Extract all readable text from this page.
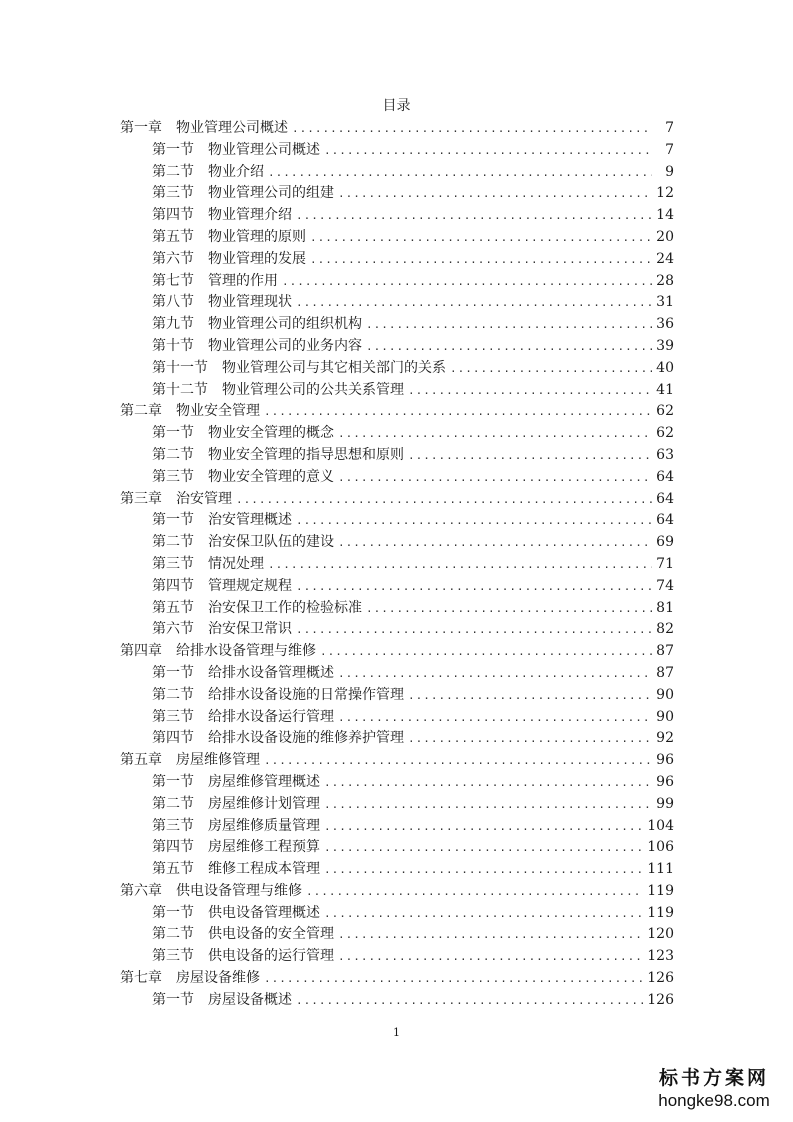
目录
第一章 物业管理公司概述 .....	7
第一节 物业管理公司概述 .....	7
第二节 物业介绍 .....	9
第三节 物业管理公司的组建 .....	12
第四节 物业管理介绍 .....	14
第五节 物业管理的原则 .....	20
第六节 物业管理的发展 .....	24
第七节 管理的作用 .....	28
第八节 物业管理现状 .....	31
第九节 物业管理公司的组织机构 .....	36
第十节 物业管理公司的业务内容 .....	39
第十一节 物业管理公司与其它相关部门的关系 .....	40
第十二节 物业管理公司的公共关系管理 .....	41
第二章 物业安全管理 .....	62
第一节 物业安全管理的概念 .....	62
第二节 物业安全管理的指导思想和原则 .....	63
第三节 物业安全管理的意义 .....	64
第三章 治安管理 .....	64
第一节 治安管理概述 .....	64
第二节 治安保卫队伍的建设 .....	69
第三节 情况处理 .....	71
第四节 管理规定规程 .....	74
第五节 治安保卫工作的检验标准 .....	81
第六节 治安保卫常识 .....	82
第四章 给排水设备管理与维修 .....	87
第一节 给排水设备管理概述 .....	87
第二节 给排水设备设施的日常操作管理 .....	90
第三节 给排水设备运行管理 .....	90
第四节 给排水设备设施的维修养护管理 .....	92
第五章 房屋维修管理 .....	96
第一节 房屋维修管理概述 .....	96
第二节 房屋维修计划管理 .....	99
第三节 房屋维修质量管理 .....	104
第四节 房屋维修工程预算 .....	106
第五节 维修工程成本管理 .....	111
第六章 供电设备管理与维修 .....	119
第一节 供电设备管理概述 .....	119
第二节 供电设备的安全管理 .....	120
第三节 供电设备的运行管理 .....	123
第七章 房屋设备维修 .....	126
第一节 房屋设备概述 .....	126
1
标书方案网
hongke98.com
